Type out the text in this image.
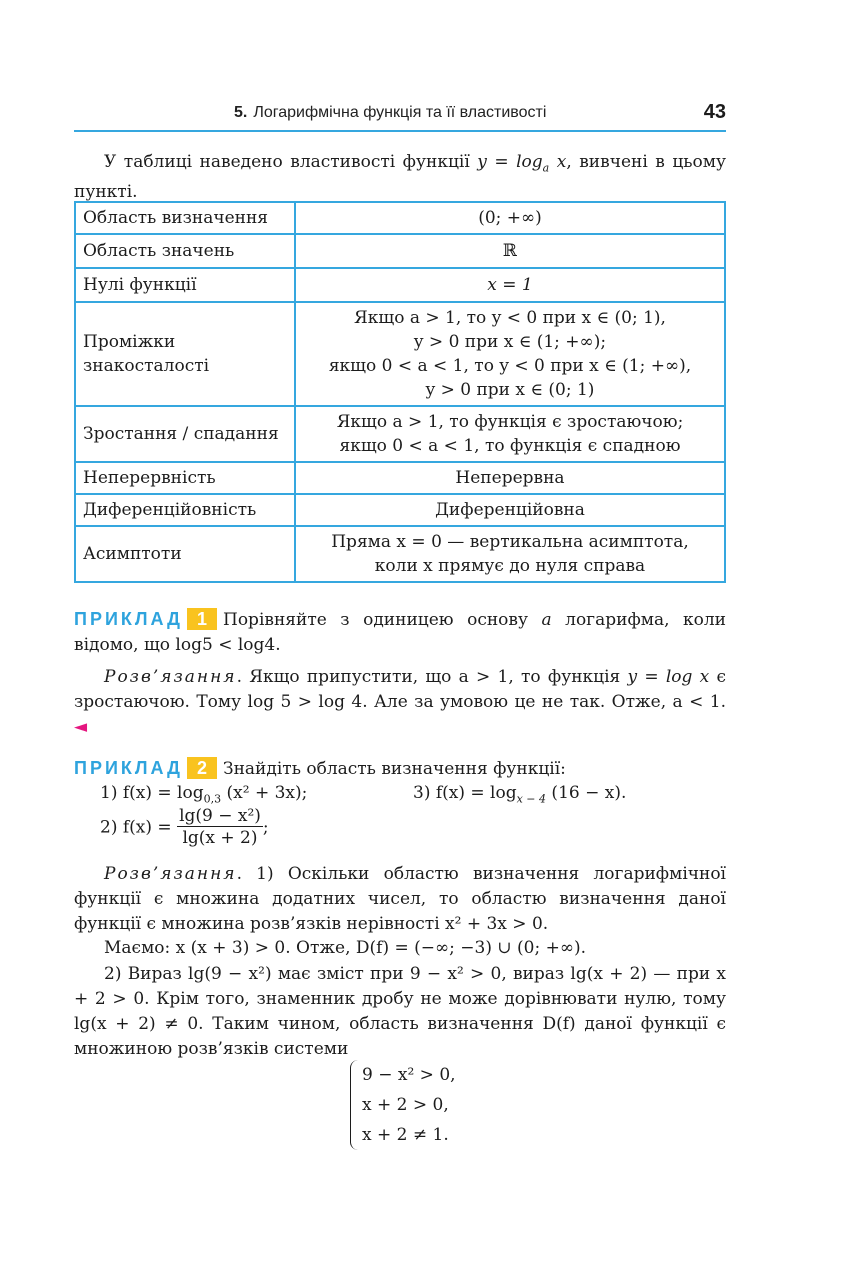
5. Логарифмічна функція та її властивості	43
У таблиці наведено властивості функції $y = \log_a x$, вивчені в цьому пункті.
Область визначення	(0; +∞)
Область значень	ℝ
Нулі функції	x = 1
Проміжки знакосталості	Якщо a > 1, то y < 0 при x ∈ (0; 1),
y > 0 при x ∈ (1; +∞);
якщо 0 < a < 1, то y < 0 при x ∈ (1; +∞),
y > 0 при x ∈ (0; 1)

Зростання / спадання	Якщо a > 1, то функція є зростаючою;
якщо 0 < a < 1, то функція є спадною

Неперервність	Неперервна
Диференційовність	Диференційовна
Асимптоти	Пряма x = 0 — вертикальна асимптота,
коли x прямує до нуля справа
ПРИКЛАД 1 Порівняйте з одиницею основу a логарифма, коли відомо, що log5 < log4.
Розв’язання. Якщо припустити, що a > 1, то функція y = log x є зростаючою. Тому log 5 > log 4. Але за умовою це не так. Отже, a < 1. ◄
ПРИКЛАД 2 Знайдіть область визначення функції:
1) $f(x) = \log_{0,3} (x^2 + 3x)$;	3) $f(x) = \log_{x - 4} (16 - x)$.
2) $f(x) = \frac{\text{lg(9 − x²)}}{\lg(x + 2)}$ ;
Розв’язання. 1) Оскільки областю визначення логарифмічної функції є множина додатних чисел, то областю визначення даної функції є множина розв’язків нерівності x² + 3x > 0.
Маємо: x (x + 3) > 0. Отже, D(f) = (−∞; −3) ∪ (0; +∞).
2) Вираз lg(9 − x²) має зміст при 9 − x² > 0, вираз lg(x + 2) — при x + 2 > 0. Крім того, знаменник дробу не може дорівнювати нулю, тому lg(x + 2) ≠ 0. Таким чином, область визначення D(f) даної функції є множиною розв’язків системи
9 − x² > 0,
x + 2 > 0,
x + 2 ≠ 1.
